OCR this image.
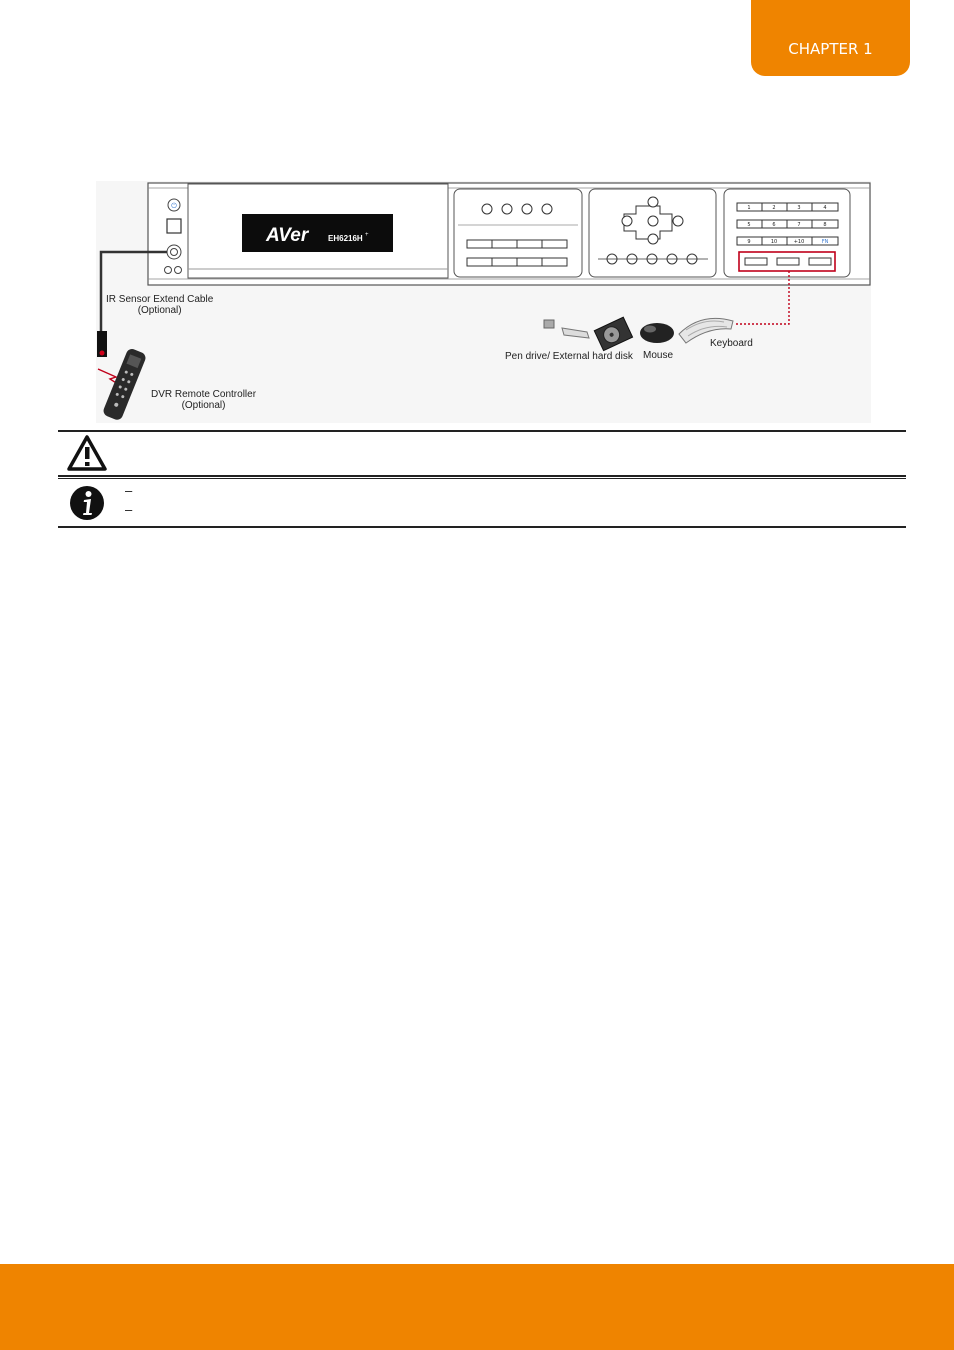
CHAPTER 1
⏻
AVer EH6216H +
1	2	3	4
5	6	7	8
9	10	+10	FN
IR Sensor Extend Cable
(Optional)
DVR Remote Controller
(Optional)
Pen drive/ External hard disk Mouse
Keyboard
–
–
